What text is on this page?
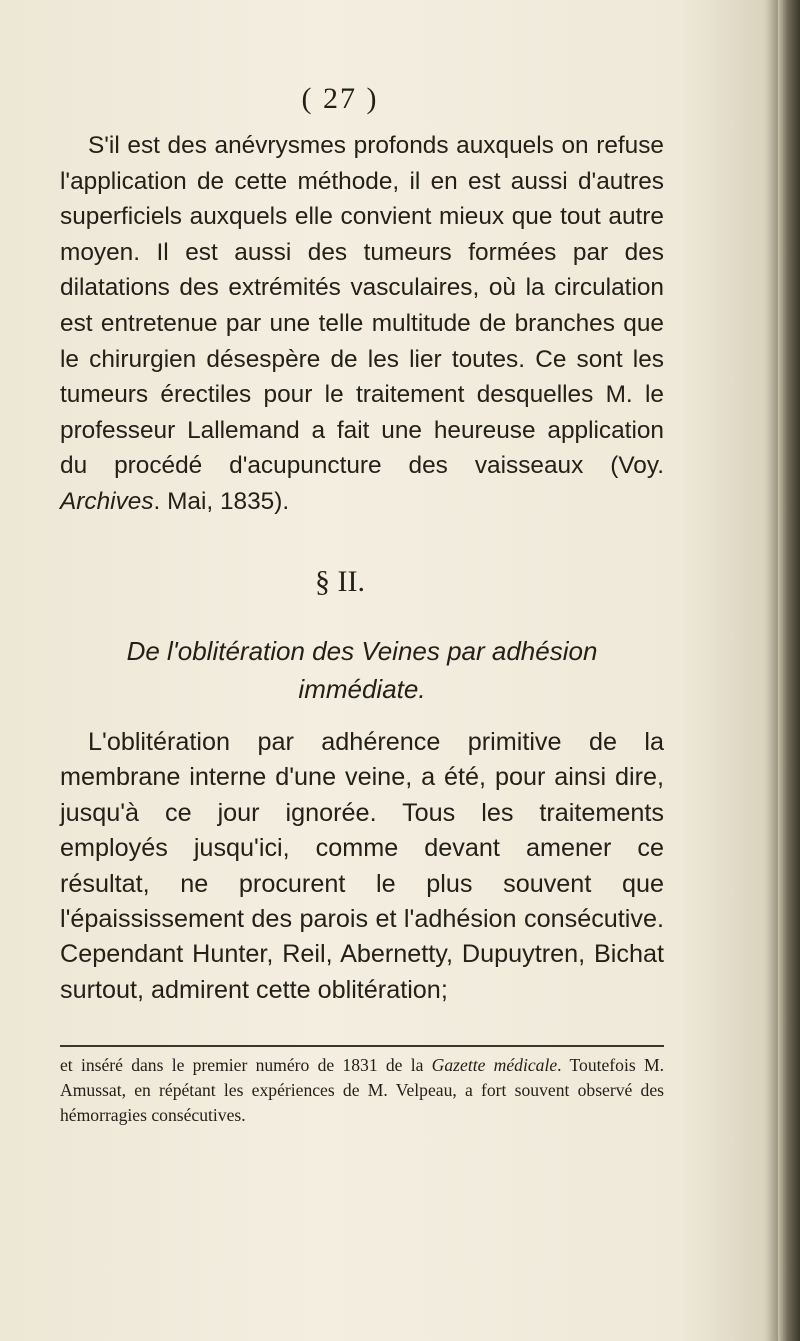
( 27 )
S'il est des anévrysmes profonds auxquels on refuse l'application de cette méthode, il en est aussi d'autres superficiels auxquels elle convient mieux que tout autre moyen. Il est aussi des tumeurs formées par des dilatations des extrémités vasculaires, où la circulation est entretenue par une telle multitude de branches que le chirurgien désespère de les lier toutes. Ce sont les tumeurs érectiles pour le traitement desquelles M. le professeur Lallemand a fait une heureuse application du procédé d'acupuncture des vaisseaux (Voy. Archives. Mai, 1835).
§ II.
De l'oblitération des Veines par adhésion immédiate.
L'oblitération par adhérence primitive de la membrane interne d'une veine, a été, pour ainsi dire, jusqu'à ce jour ignorée. Tous les traitements employés jusqu'ici, comme devant amener ce résultat, ne procurent le plus souvent que l'épaississement des parois et l'adhésion consécutive. Cependant Hunter, Reil, Abernetty, Dupuytren, Bichat surtout, admirent cette oblitération;
et inséré dans le premier numéro de 1831 de la Gazette médicale. Toutefois M. Amussat, en répétant les expériences de M. Velpeau, a fort souvent observé des hémorragies consécutives.
